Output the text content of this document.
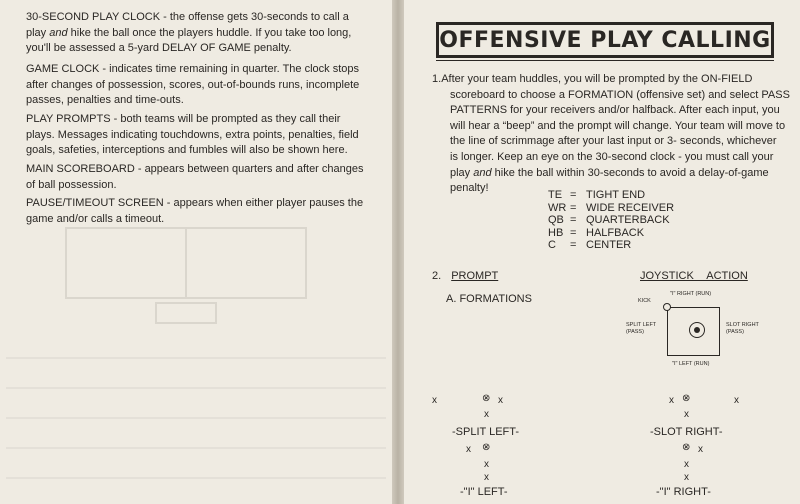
30-SECOND PLAY CLOCK - the offense gets 30-seconds to call a
play and hike the ball once the players huddle. If you take too long,
you'll be assessed a 5-yard DELAY OF GAME penalty.

GAME CLOCK - indicates time remaining in quarter. The clock stops
after changes of possession, scores, out-of-bounds runs, incomplete
passes, penalties and time-outs.

PLAY PROMPTS - both teams will be prompted as they call their
plays. Messages indicating touchdowns, extra points, penalties, field
goals, safeties, interceptions and fumbles will also be shown here.

MAIN SCOREBOARD - appears between quarters and after changes
of ball possession.

PAUSE/TIMEOUT SCREEN - appears when either player pauses the
game and/or calls a timeout.

OFFENSIVE PLAY CALLING

1.After your team huddles, you will be prompted by the ON-FIELD
scoreboard to choose a FORMATION (offensive set) and select PASS
PATTERNS for your receivers and/or halfback. After each input, you
will hear a “beep” and the prompt will change. Your team will move to
the line of scrimmage after your last input or 3- seconds, whichever
is longer. Keep an eye on the 30-second clock - you must call your
play and hike the ball within 30-seconds to avoid a delay-of-game
penalty!

TE = TIGHT END
WR = WIDE RECEIVER
QB = QUARTERBACK
HB = HALFBACK
C	= CENTER
2. PROMPT	JOYSTICK ACTION
A. FORMATIONS	KICK
"I" RIGHT (RUN)
SPLIT LEFT
(PASS)
SLOT RIGHT
(PASS)
"I" LEFT (RUN)
x	⊗ x
x
-SPLIT LEFT-
x ⊗	x
x
-SLOT RIGHT-
x ⊗
x
x
-"I" LEFT-
⊗ x
x
x
-"I" RIGHT-
